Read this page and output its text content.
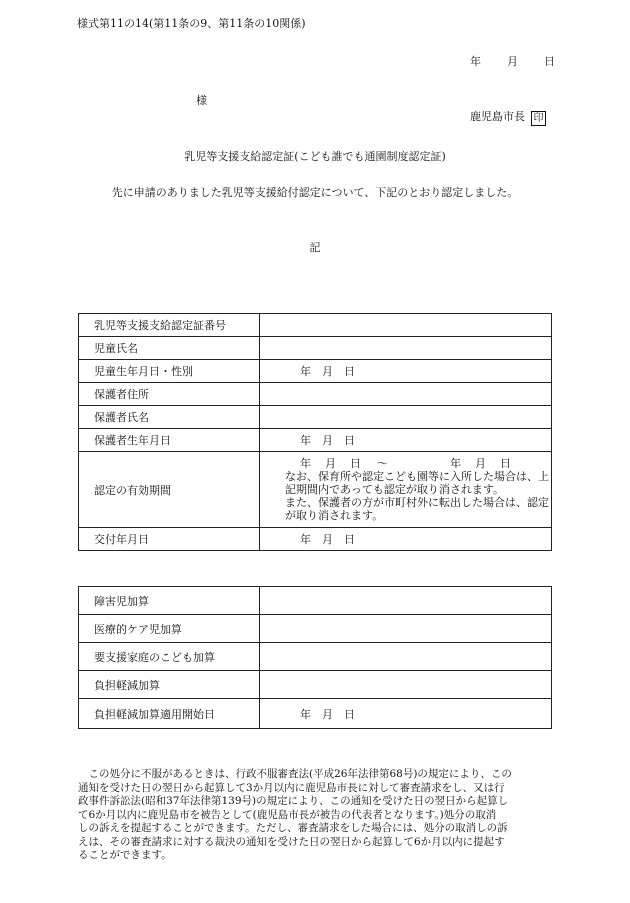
様式第11の14(第11条の9、第11条の10関係)
年 月 日
様
鹿児島市長 印
乳児等支援支給認定証(こども誰でも通園制度認定証)
先に申請のありました乳児等支援給付認定について、下記のとおり認定しました。
記
乳児等支援支給認定証番号	
児童氏名	
児童生年月日・性別	年　 月　 日
保護者住所	
保護者氏名	
保護者生年月日	年　 月　 日
認定の有効期間	年 月 日 ～ 年 月 日
なお、保育所や認定こども園等に入所した場合は、上
記期間内であっても認定が取り消されます。
また、保護者の方が市町村外に転出した場合は、認定
が取り消されます。

交付年月日	年　 月　 日
障害児加算	
医療的ケア児加算	
要支援家庭のこども加算	
負担軽減加算	
負担軽減加算適用開始日	年　 月　 日
　この処分に不服があるときは、行政不服審査法(平成26年法律第68号)の規定により、この
通知を受けた日の翌日から起算して3か月以内に鹿児島市長に対して審査請求をし、又は行
政事件訴訟法(昭和37年法律第139号)の規定により、この通知を受けた日の翌日から起算し
て6か月以内に鹿児島市を被告として(鹿児島市長が被告の代表者となります。)処分の取消
しの訴えを提起することができます。ただし、審査請求をした場合には、処分の取消しの訴
えは、その審査請求に対する裁決の通知を受けた日の翌日から起算して6か月以内に提起す
ることができます。
